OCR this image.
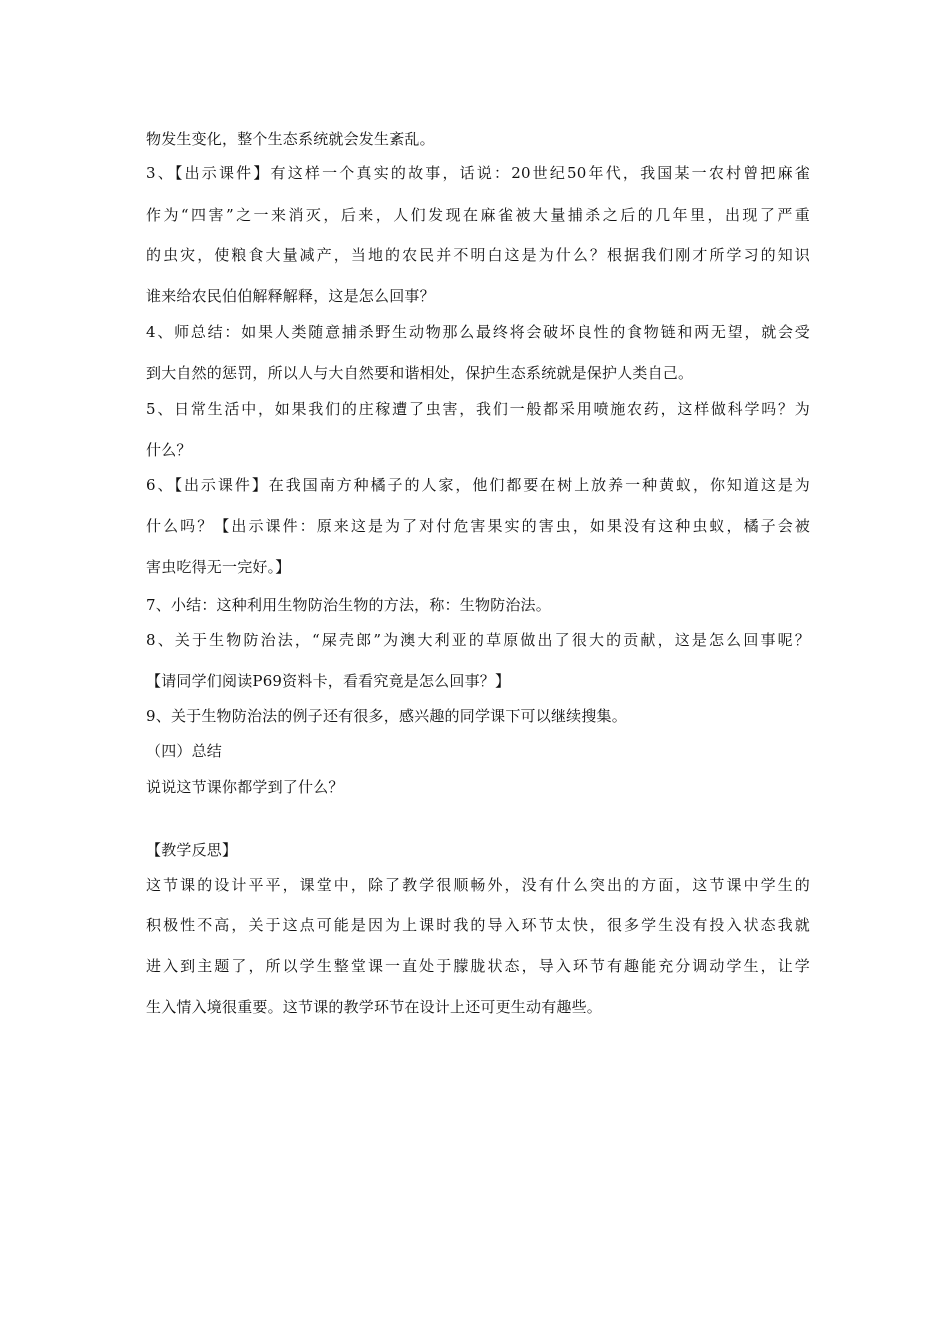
物发生变化，整个生态系统就会发生紊乱。
3、【出示课件】有这样一个真实的故事，话说：20世纪50年代，我国某一农村曾把麻雀
作为“四害”之一来消灭，后来，人们发现在麻雀被大量捕杀之后的几年里，出现了严重
的虫灾，使粮食大量减产，当地的农民并不明白这是为什么？根据我们刚才所学习的知识
谁来给农民伯伯解释解释，这是怎么回事？
4、师总结：如果人类随意捕杀野生动物那么最终将会破坏良性的食物链和两无望，就会受
到大自然的惩罚，所以人与大自然要和谐相处，保护生态系统就是保护人类自己。
5、日常生活中，如果我们的庄稼遭了虫害，我们一般都采用喷施农药，这样做科学吗？为
什么？
6、【出示课件】在我国南方种橘子的人家，他们都要在树上放养一种黄蚁，你知道这是为
什么吗？【出示课件：原来这是为了对付危害果实的害虫，如果没有这种虫蚁，橘子会被
害虫吃得无一完好。】
7、小结：这种利用生物防治生物的方法，称：生物防治法。
8、关于生物防治法，“屎壳郎”为澳大利亚的草原做出了很大的贡献，这是怎么回事呢？
【请同学们阅读P69资料卡，看看究竟是怎么回事？】
9、关于生物防治法的例子还有很多，感兴趣的同学课下可以继续搜集。
（四）总结
说说这节课你都学到了什么？
【教学反思】
这节课的设计平平，课堂中，除了教学很顺畅外，没有什么突出的方面，这节课中学生的
积极性不高，关于这点可能是因为上课时我的导入环节太快，很多学生没有投入状态我就
进入到主题了，所以学生整堂课一直处于朦胧状态，导入环节有趣能充分调动学生，让学
生入情入境很重要。这节课的教学环节在设计上还可更生动有趣些。
